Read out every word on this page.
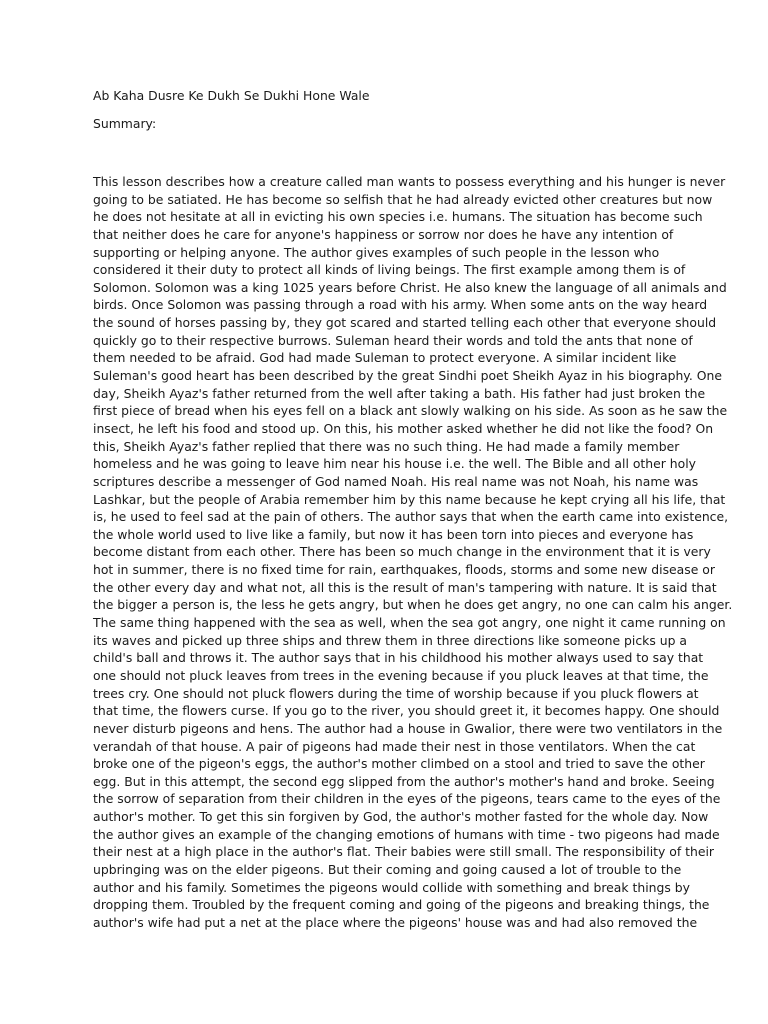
Ab Kaha Dusre Ke Dukh Se Dukhi Hone Wale

Summary:

This lesson describes how a creature called man wants to possess everything and his hunger is never
going to be satiated. He has become so selfish that he had already evicted other creatures but now
he does not hesitate at all in evicting his own species i.e. humans. The situation has become such
that neither does he care for anyone's happiness or sorrow nor does he have any intention of
supporting or helping anyone. The author gives examples of such people in the lesson who
considered it their duty to protect all kinds of living beings. The first example among them is of
Solomon. Solomon was a king 1025 years before Christ. He also knew the language of all animals and
birds. Once Solomon was passing through a road with his army. When some ants on the way heard
the sound of horses passing by, they got scared and started telling each other that everyone should
quickly go to their respective burrows. Suleman heard their words and told the ants that none of
them needed to be afraid. God had made Suleman to protect everyone. A similar incident like
Suleman's good heart has been described by the great Sindhi poet Sheikh Ayaz in his biography. One
day, Sheikh Ayaz's father returned from the well after taking a bath. His father had just broken the
first piece of bread when his eyes fell on a black ant slowly walking on his side. As soon as he saw the
insect, he left his food and stood up. On this, his mother asked whether he did not like the food? On
this, Sheikh Ayaz's father replied that there was no such thing. He had made a family member
homeless and he was going to leave him near his house i.e. the well. The Bible and all other holy
scriptures describe a messenger of God named Noah. His real name was not Noah, his name was
Lashkar, but the people of Arabia remember him by this name because he kept crying all his life, that
is, he used to feel sad at the pain of others. The author says that when the earth came into existence,
the whole world used to live like a family, but now it has been torn into pieces and everyone has
become distant from each other. There has been so much change in the environment that it is very
hot in summer, there is no fixed time for rain, earthquakes, floods, storms and some new disease or
the other every day and what not, all this is the result of man's tampering with nature. It is said that
the bigger a person is, the less he gets angry, but when he does get angry, no one can calm his anger.
The same thing happened with the sea as well, when the sea got angry, one night it came running on
its waves and picked up three ships and threw them in three directions like someone picks up a
child's ball and throws it. The author says that in his childhood his mother always used to say that
one should not pluck leaves from trees in the evening because if you pluck leaves at that time, the
trees cry. One should not pluck flowers during the time of worship because if you pluck flowers at
that time, the flowers curse. If you go to the river, you should greet it, it becomes happy. One should
never disturb pigeons and hens. The author had a house in Gwalior, there were two ventilators in the
verandah of that house. A pair of pigeons had made their nest in those ventilators. When the cat
broke one of the pigeon's eggs, the author's mother climbed on a stool and tried to save the other
egg. But in this attempt, the second egg slipped from the author's mother's hand and broke. Seeing
the sorrow of separation from their children in the eyes of the pigeons, tears came to the eyes of the
author's mother. To get this sin forgiven by God, the author's mother fasted for the whole day. Now
the author gives an example of the changing emotions of humans with time - two pigeons had made
their nest at a high place in the author's flat. Their babies were still small. The responsibility of their
upbringing was on the elder pigeons. But their coming and going caused a lot of trouble to the
author and his family. Sometimes the pigeons would collide with something and break things by
dropping them. Troubled by the frequent coming and going of the pigeons and breaking things, the
author's wife had put a net at the place where the pigeons' house was and had also removed the
